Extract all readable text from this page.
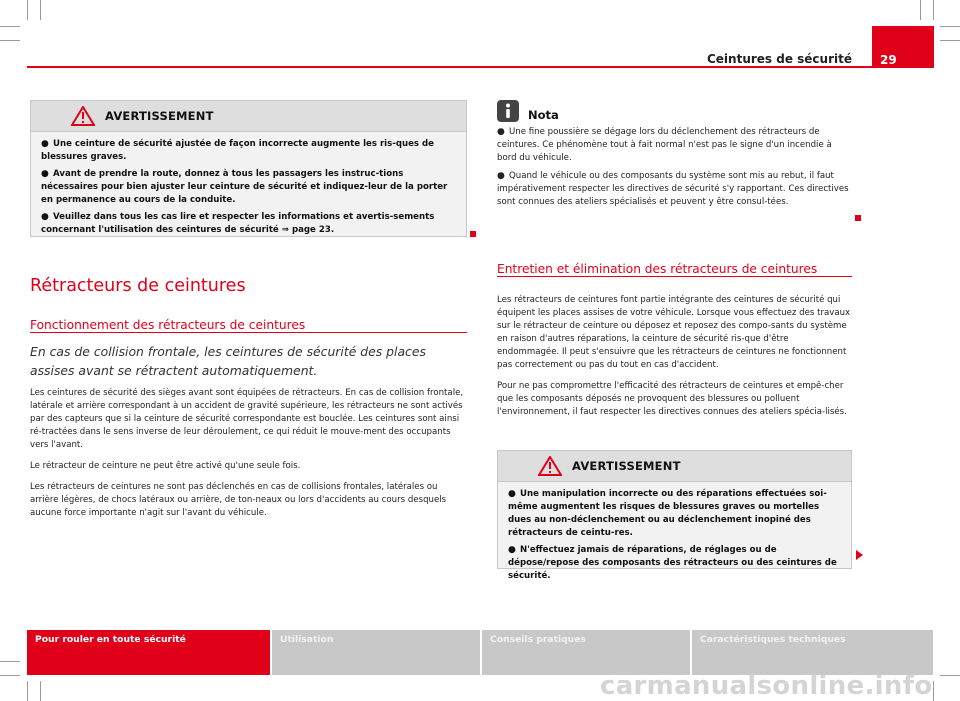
Ceintures de sécurité 29
AVERTISSEMENT
● Une ceinture de sécurité ajustée de façon incorrecte augmente les ris-ques de blessures graves.
● Avant de prendre la route, donnez à tous les passagers les instruc-tions nécessaires pour bien ajuster leur ceinture de sécurité et indiquez-leur de la porter en permanence au cours de la conduite.
● Veuillez dans tous les cas lire et respecter les informations et avertis-sements concernant l'utilisation des ceintures de sécurité ⇒ page 23.
Rétracteurs de ceintures
Fonctionnement des rétracteurs de ceintures
En cas de collision frontale, les ceintures de sécurité des places assises avant se rétractent automatiquement.

Les ceintures de sécurité des sièges avant sont équipées de rétracteurs. En cas de collision frontale, latérale et arrière correspondant à un accident de gravité supérieure, les rétracteurs ne sont activés par des capteurs que si la ceinture de sécurité correspondante est bouclée. Les ceintures sont ainsi ré-tractées dans le sens inverse de leur déroulement, ce qui réduit le mouve-ment des occupants vers l'avant.

Le rétracteur de ceinture ne peut être activé qu'une seule fois.

Les rétracteurs de ceintures ne sont pas déclenchés en cas de collisions frontales, latérales ou arrière légères, de chocs latéraux ou arrière, de ton-neaux ou lors d'accidents au cours desquels aucune force importante n'agit sur l'avant du véhicule.

Nota
● Une fine poussière se dégage lors du déclenchement des rétracteurs de ceintures. Ce phénomène tout à fait normal n'est pas le signe d'un incendie à bord du véhicule.
● Quand le véhicule ou des composants du système sont mis au rebut, il faut impérativement respecter les directives de sécurité s'y rapportant. Ces directives sont connues des ateliers spécialisés et peuvent y être consul-tées.
Entretien et élimination des rétracteurs de ceintures

Les rétracteurs de ceintures font partie intégrante des ceintures de sécurité qui équipent les places assises de votre véhicule. Lorsque vous effectuez des travaux sur le rétracteur de ceinture ou déposez et reposez des compo-sants du système en raison d'autres réparations, la ceinture de sécurité ris-que d'être endommagée. Il peut s'ensuivre que les rétracteurs de ceintures ne fonctionnent pas correctement ou pas du tout en cas d'accident.

Pour ne pas compromettre l'efficacité des rétracteurs de ceintures et empê-cher que les composants déposés ne provoquent des blessures ou polluent l'environnement, il faut respecter les directives connues des ateliers spécia-lisés.

AVERTISSEMENT
● Une manipulation incorrecte ou des réparations effectuées soi-même augmentent les risques de blessures graves ou mortelles dues au non-déclenchement ou au déclenchement inopiné des rétracteurs de ceintu-res.
● N'effectuez jamais de réparations, de réglages ou de dépose/repose des composants des rétracteurs ou des ceintures de sécurité.
Pour rouler en toute sécurité	Utilisation	Conseils pratiques	Caractéristiques techniques
carmanualsonline.info
